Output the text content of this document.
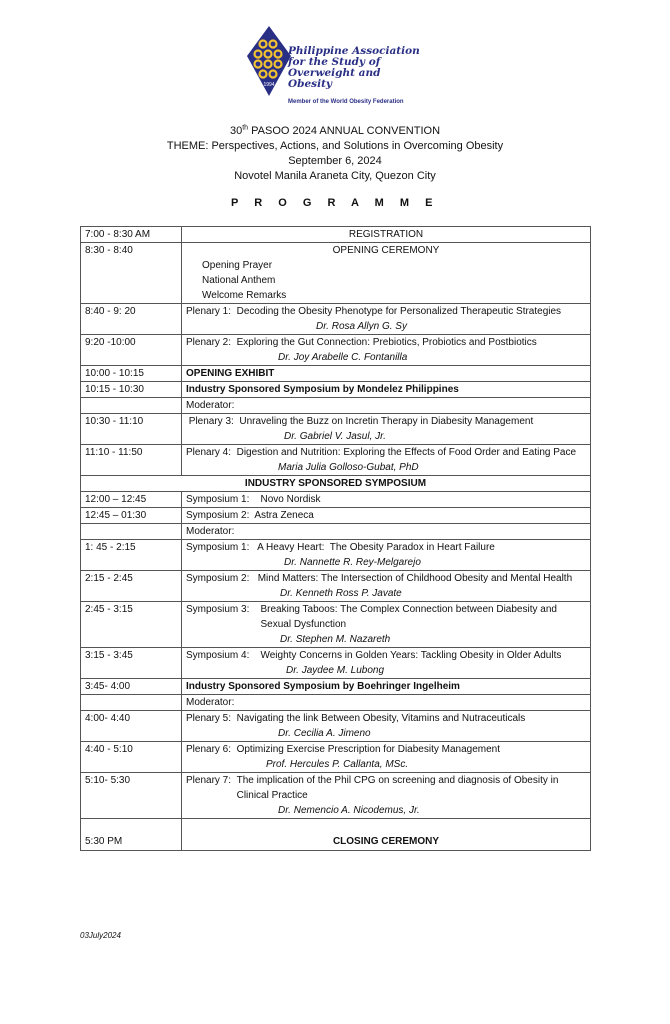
1994
Philippine Association
for the Study of
Overweight and Obesity
Member of the World Obesity Federation
30th PASOO 2024 ANNUAL CONVENTION
THEME: Perspectives, Actions, and Solutions in Overcoming Obesity
September 6, 2024
Novotel Manila Araneta City, Quezon City
P R O G R A M M E
7:00 - 8:30 AM	REGISTRATION
8:30 - 8:40	OPENING CEREMONY
Opening Prayer
National Anthem
Welcome Remarks

8:40 - 9: 20	Plenary 1: Decoding the Obesity Phenotype for Personalized Therapeutic Strategies
Dr. Rosa Allyn G. Sy

9:20 -10:00	Plenary 2: Exploring the Gut Connection: Prebiotics, Probiotics and Postbiotics
Dr. Joy Arabelle C. Fontanilla

10:00 - 10:15	OPENING EXHIBIT
10:15 - 10:30	Industry Sponsored Symposium by Mondelez Philippines
	Moderator:
10:30 - 11:10	Plenary 3:  Unraveling the Buzz on Incretin Therapy in Diabesity Management
Dr. Gabriel V. Jasul, Jr.

11:10 - 11:50	Plenary 4: Digestion and Nutrition: Exploring the Effects of Food Order and Eating Pace
Maria Julia Golloso-Gubat, PhD

INDUSTRY SPONSORED SYMPOSIUM	
12:00 – 12:45	Symposium 1:    Novo Nordisk
12:45 – 01:30	Symposium 2:  Astra Zeneca
	Moderator:
1: 45 - 2:15	Symposium 1:   A Heavy Heart:  The Obesity Paradox in Heart Failure
Dr. Nannette R. Rey-Melgarejo

2:15 - 2:45	Symposium 2: Mind Matters: The Intersection of Childhood Obesity and Mental Health
Dr. Kenneth Ross P. Javate

2:45 - 3:15	Symposium 3: Breaking Taboos: The Complex Connection between Diabesity and Sexual Dysfunction
Dr. Stephen M. Nazareth

3:15 - 3:45	Symposium 4: Weighty Concerns in Golden Years: Tackling Obesity in Older Adults
Dr. Jaydee M. Lubong

3:45- 4:00	Industry Sponsored Symposium by Boehringer Ingelheim
	Moderator:
4:00- 4:40	Plenary 5: Navigating the link Between Obesity, Vitamins and Nutraceuticals
Dr. Cecilia A. Jimeno

4:40 - 5:10	Plenary 6:  Optimizing Exercise Prescription for Diabesity Management
Prof. Hercules P. Callanta, MSc.

5:10- 5:30	Plenary 7: The implication of the Phil CPG on screening and diagnosis of Obesity in Clinical Practice
Dr. Nemencio A. Nicodemus, Jr.

5:30 PM	CLOSING CEREMONY
03July2024
